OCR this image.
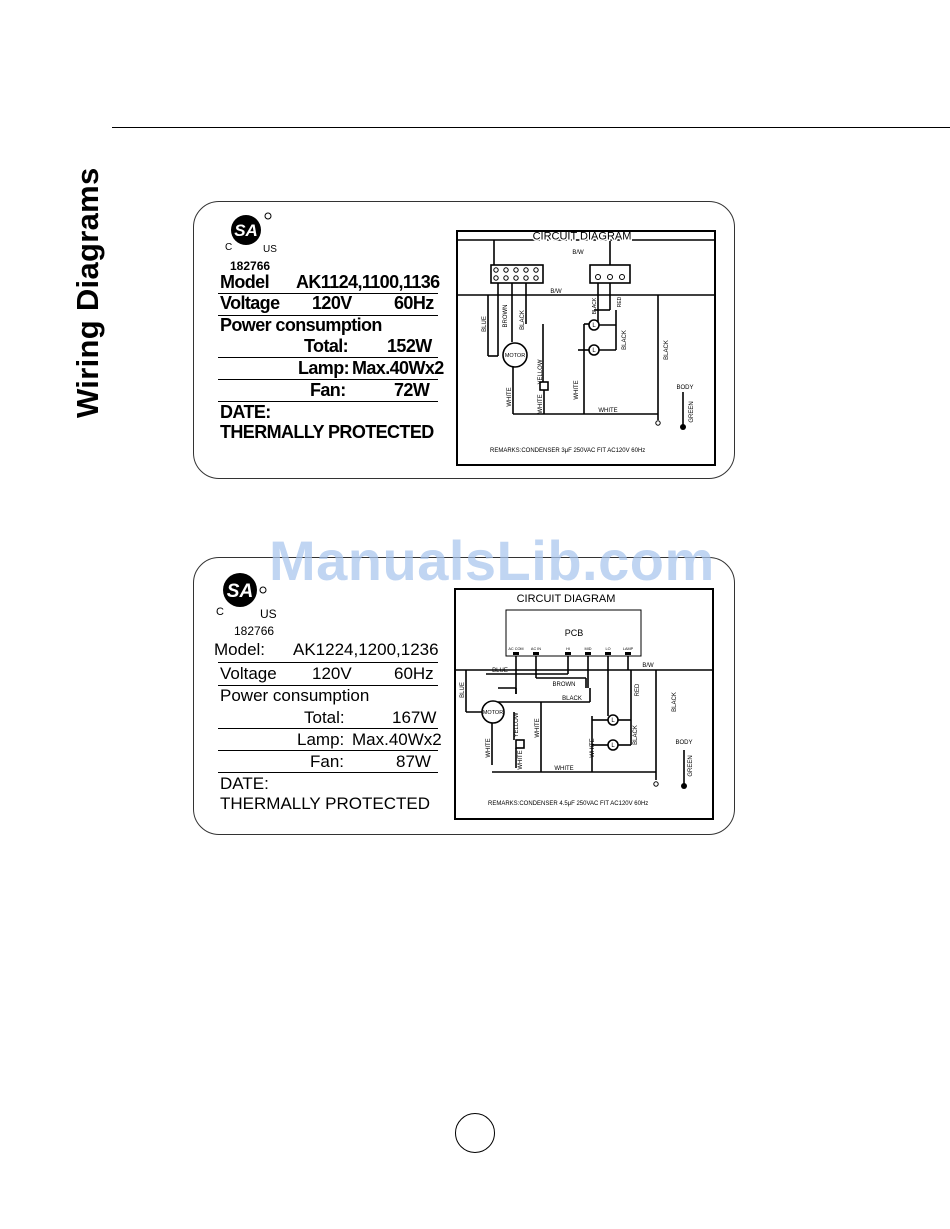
Wiring Diagrams	SA
C	US
182766
Model AK1124,1100,1136
Voltage 120V 60Hz
Power consumption
Total: 152W
Lamp: Max.40Wx2
Fan:	72W
DATE:
THERMALLY PROTECTED
CIRCUIT DIAGRAM
B/W
B/W
BLUE	BROWN BLACK
BLACK	RED
BLACK
BLACK
YELLOW
WHITE	WHITE
WHITE
WHITE	GREEN
MOTOR
L
L
BODY
REMARKS:CONDENSER 3μF 250VAC FIT AC120V 60Hz
SA
C	US
182766
Model: AK1224,1200,1236
Voltage 120V 60Hz
Power consumption
Total:	167W
Lamp: Max.40Wx2
Fan:	87W
DATE:
THERMALLY PROTECTED
CIRCUIT DIAGRAM
PCB
AC COM AC IN	HI	MID	LO	LAMP
BLUE
BLUE	BROWN
BLACK
B/W
RED
BLACK
BLACK
YELLOW
WHITE
WHITE
WHITE
WHITE
WHITE	GREEN
MOTOR
L
L	BODY
REMARKS:CONDENSER 4.5μF 250VAC FIT AC120V 60Hz
ManualsLib.com
